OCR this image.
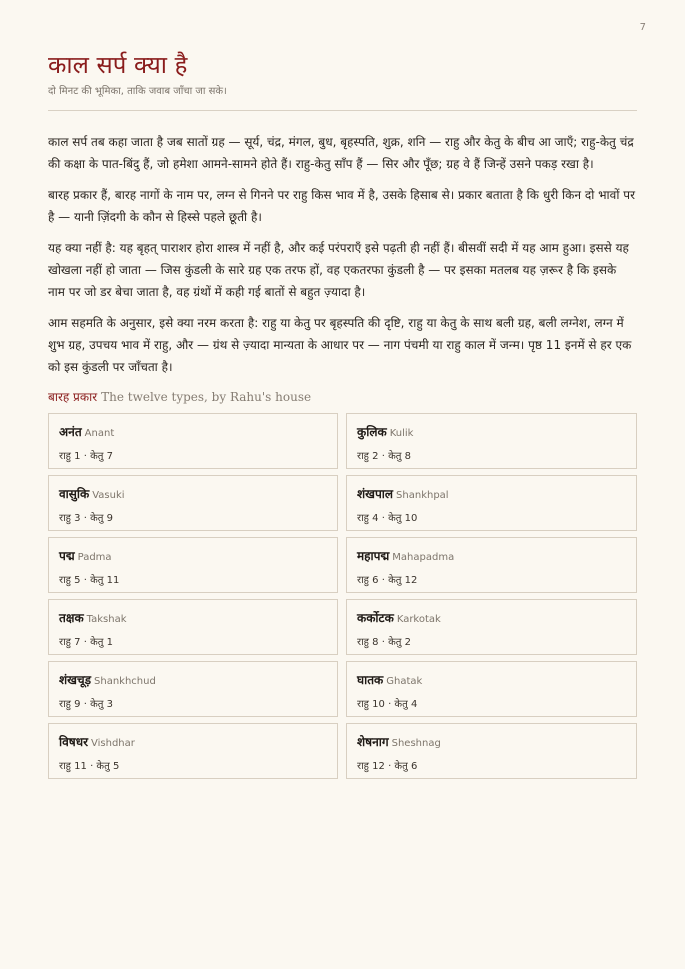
7
काल सर्प क्या है
दो मिनट की भूमिका, ताकि जवाब जाँचा जा सके।

काल सर्प तब कहा जाता है जब सातों ग्रह — सूर्य, चंद्र, मंगल, बुध, बृहस्पति, शुक्र, शनि — राहु और केतु के बीच आ जाएँ; राहु-केतु चंद्र की कक्षा के पात-बिंदु हैं, जो हमेशा आमने-सामने होते हैं। राहु-केतु साँप हैं — सिर और पूँछ; ग्रह वे हैं जिन्हें उसने पकड़ रखा है।

बारह प्रकार हैं, बारह नागों के नाम पर, लग्न से गिनने पर राहु किस भाव में है, उसके हिसाब से। प्रकार बताता है कि धुरी किन दो भावों पर है — यानी ज़िंदगी के कौन से हिस्से पहले छूती है।

यह क्या नहीं है: यह बृहत् पाराशर होरा शास्त्र में नहीं है, और कई परंपराएँ इसे पढ़ती ही नहीं हैं। बीसवीं सदी में यह आम हुआ। इससे यह खोखला नहीं हो जाता — जिस कुंडली के सारे ग्रह एक तरफ हों, वह एकतरफा कुंडली है — पर इसका मतलब यह ज़रूर है कि इसके नाम पर जो डर बेचा जाता है, वह ग्रंथों में कही गई बातों से बहुत ज़्यादा है।

आम सहमति के अनुसार, इसे क्या नरम करता है: राहु या केतु पर बृहस्पति की दृष्टि, राहु या केतु के साथ बली ग्रह, बली लग्नेश, लग्न में शुभ ग्रह, उपचय भाव में राहु, और — ग्रंथ से ज़्यादा मान्यता के आधार पर — नाग पंचमी या राहु काल में जन्म। पृष्ठ 11 इनमें से हर एक को इस कुंडली पर जाँचता है।

बारह प्रकार The twelve types, by Rahu's house
अनंत Anant
राहु 1 · केतु 7
कुलिक Kulik
राहु 2 · केतु 8
वासुकि Vasuki
राहु 3 · केतु 9
शंखपाल Shankhpal
राहु 4 · केतु 10
पद्म Padma
राहु 5 · केतु 11
महापद्म Mahapadma
राहु 6 · केतु 12
तक्षक Takshak
राहु 7 · केतु 1
कर्कोटक Karkotak
राहु 8 · केतु 2
शंखचूड़ Shankhchud
राहु 9 · केतु 3
घातक Ghatak
राहु 10 · केतु 4
विषधर Vishdhar
राहु 11 · केतु 5
शेषनाग Sheshnag
राहु 12 · केतु 6
